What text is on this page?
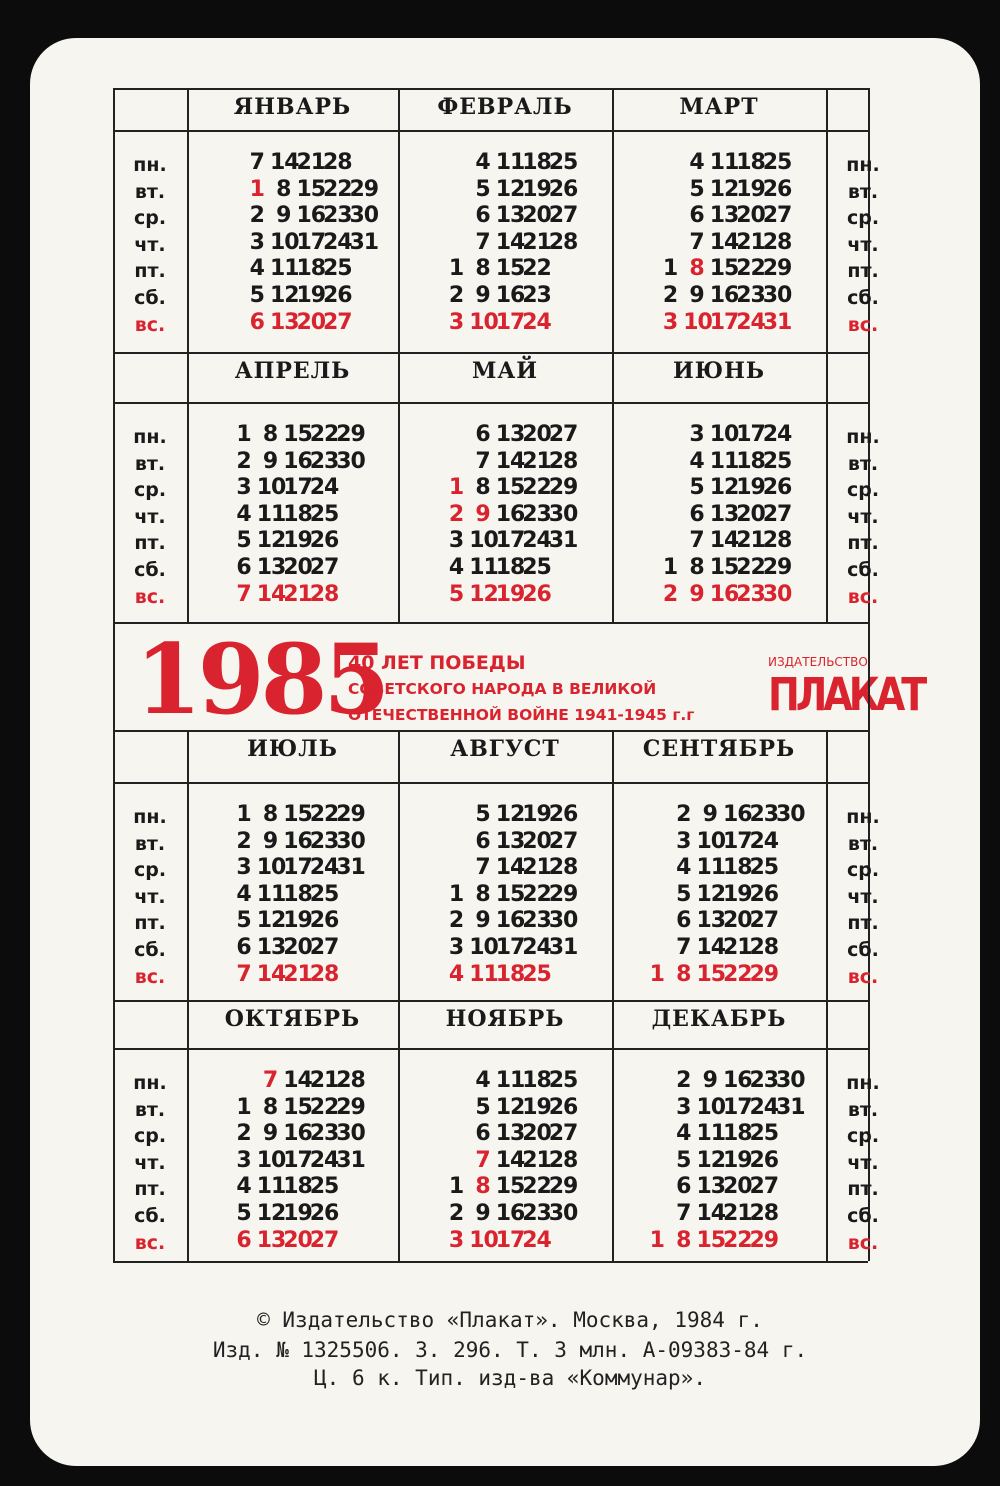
1985
40 ЛЕТ ПОБЕДЫ
СОВЕТСКОГО НАРОДА В ВЕЛИКОЙ
ОТЕЧЕСТВЕННОЙ ВОЙНЕ 1941-1945 г.г
ИЗДАТЕЛЬСТВО
ПЛАКАТ
© Издательство «Плакат». Москва, 1984 г.
Изд. № 1325506. З. 296. Т. 3 млн. А-09383-84 г.
Ц. 6 к. Тип. изд-ва «Коммунар».
пн.
вт.
ср.
чт.
пт.
сб.
вс.
пн.
вт.
ср.
чт.
пт.
сб.
вс.
пн.
вт.
ср.
чт.
пт.
сб.
вс.
пн.
вт.
ср.
чт.
пт.
сб.
вс.
пн.
вт.
ср.
чт.
пт.
сб.
вс.
пн.
вт.
ср.
чт.
пт.
сб.
вс.
пн.
вт.
ср.
чт.
пт.
сб.
вс.
пн.
вт.
ср.
чт.
пт.
сб.
вс.
ЯНВАРЬ
7 14
21
28
1 8 15
22
29
2 9 16
23
30
3 10
17
24
31
4 11
18
25
5 12
19
26
6 13
20
27
ФЕВРАЛЬ
4 11
18
25
5 12
19
26
6 13
20
27
7 14
21
28
1 8 15
22
2 9 16
23
3 10
17
24
МАРТ
4 11
18
25
5 12
19
26
6 13
20
27
7 14
21
28
1 8 15
22
29
2 9 16
23
30
3 10
17
24
31
АПРЕЛЬ
1 8 15
22
29
2 9 16
23
30
3 10
17
24
4 11
18
25
5 12
19
26
6 13
20
27
7 14
21
28
МАЙ
6 13
20
27
7 14
21
28
1 8 15
22
29
2 9 16
23
30
3 10
17
24
31
4 11
18
25
5 12
19
26
ИЮНЬ
3 10
17
24
4 11
18
25
5 12
19
26
6 13
20
27
7 14
21
28
1 8 15
22
29
2 9 16
23
30
ИЮЛЬ
1 8 15
22
29
2 9 16
23
30
3 10
17
24
31
4 11
18
25
5 12
19
26
6 13
20
27
7 14
21
28
АВГУСТ
5 12
19
26
6 13
20
27
7 14
21
28
1 8 15
22
29
2 9 16
23
30
3 10
17
24
31
4 11
18
25
СЕНТЯБРЬ
2 9 16
23
30
3 10
17
24
4 11
18
25
5 12
19
26
6 13
20
27
7 14
21
28
1 8 15
22
29
ОКТЯБРЬ
7 14
21
28
1 8 15
22
29
2 9 16
23
30
3 10
17
24
31
4 11
18
25
5 12
19
26
6 13
20
27
НОЯБРЬ
4 11
18
25
5 12
19
26
6 13
20
27
7 14
21
28
1 8 15
22
29
2 9 16
23
30
3 10
17
24
ДЕКАБРЬ
2 9 16
23
30
3 10
17
24
31
4 11
18
25
5 12
19
26
6 13
20
27
7 14
21
28
1 8 15
22
29
